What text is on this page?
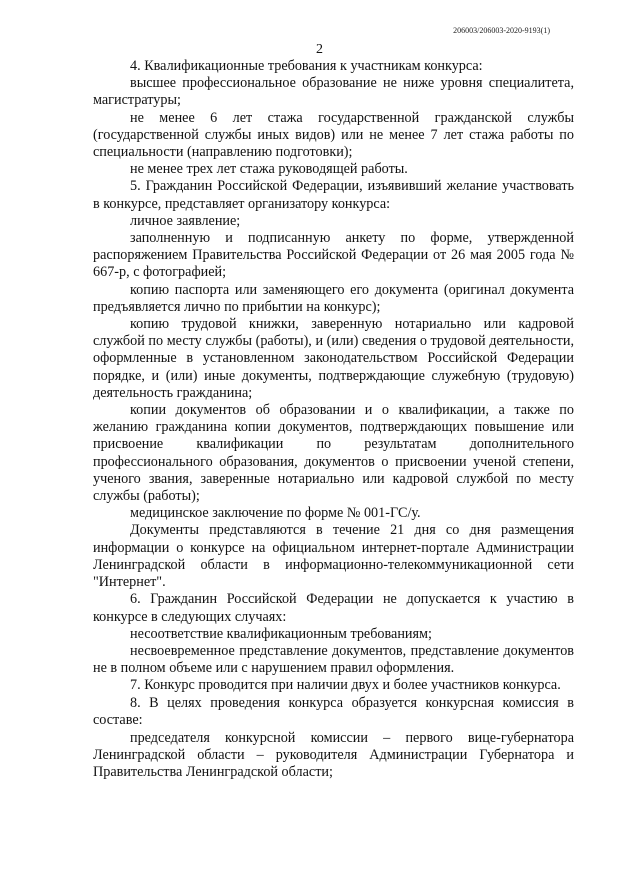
206003/206003-2020-9193(1)
2

4. Квалификационные требования к участникам конкурса:

высшее профессиональное образование не ниже уровня специалитета, магистратуры;

не менее 6 лет стажа государственной гражданской службы (государственной службы иных видов) или не менее 7 лет стажа работы по специальности (направлению подготовки);

не менее трех лет стажа руководящей работы.

5. Гражданин Российской Федерации, изъявивший желание участвовать в конкурсе, представляет организатору конкурса:

личное заявление;

заполненную и подписанную анкету по форме, утвержденной распоряжением Правительства Российской Федерации от 26 мая 2005 года № 667-р, с фотографией;

копию паспорта или заменяющего его документа (оригинал документа предъявляется лично по прибытии на конкурс);

копию трудовой книжки, заверенную нотариально или кадровой службой по месту службы (работы), и (или) сведения о трудовой деятельности, оформленные в установленном законодательством Российской Федерации порядке, и (или) иные документы, подтверждающие служебную (трудовую) деятельность гражданина;

копии документов об образовании и о квалификации, а также по желанию гражданина копии документов, подтверждающих повышение или присвоение квалификации по результатам дополнительного профессионального образования, документов о присвоении ученой степени, ученого звания, заверенные нотариально или кадровой службой по месту службы (работы);

медицинское заключение по форме № 001-ГС/у.

Документы представляются в течение 21 дня со дня размещения информации о конкурсе на официальном интернет-портале Администрации Ленинградской области в информационно-телекоммуникационной сети "Интернет".

6. Гражданин Российской Федерации не допускается к участию в конкурсе в следующих случаях:

несоответствие квалификационным требованиям;

несвоевременное представление документов, представление документов не в полном объеме или с нарушением правил оформления.

7. Конкурс проводится при наличии двух и более участников конкурса.

8. В целях проведения конкурса образуется конкурсная комиссия в составе:

председателя конкурсной комиссии – первого вице-губернатора Ленинградской области – руководителя Администрации Губернатора и Правительства Ленинградской области;
